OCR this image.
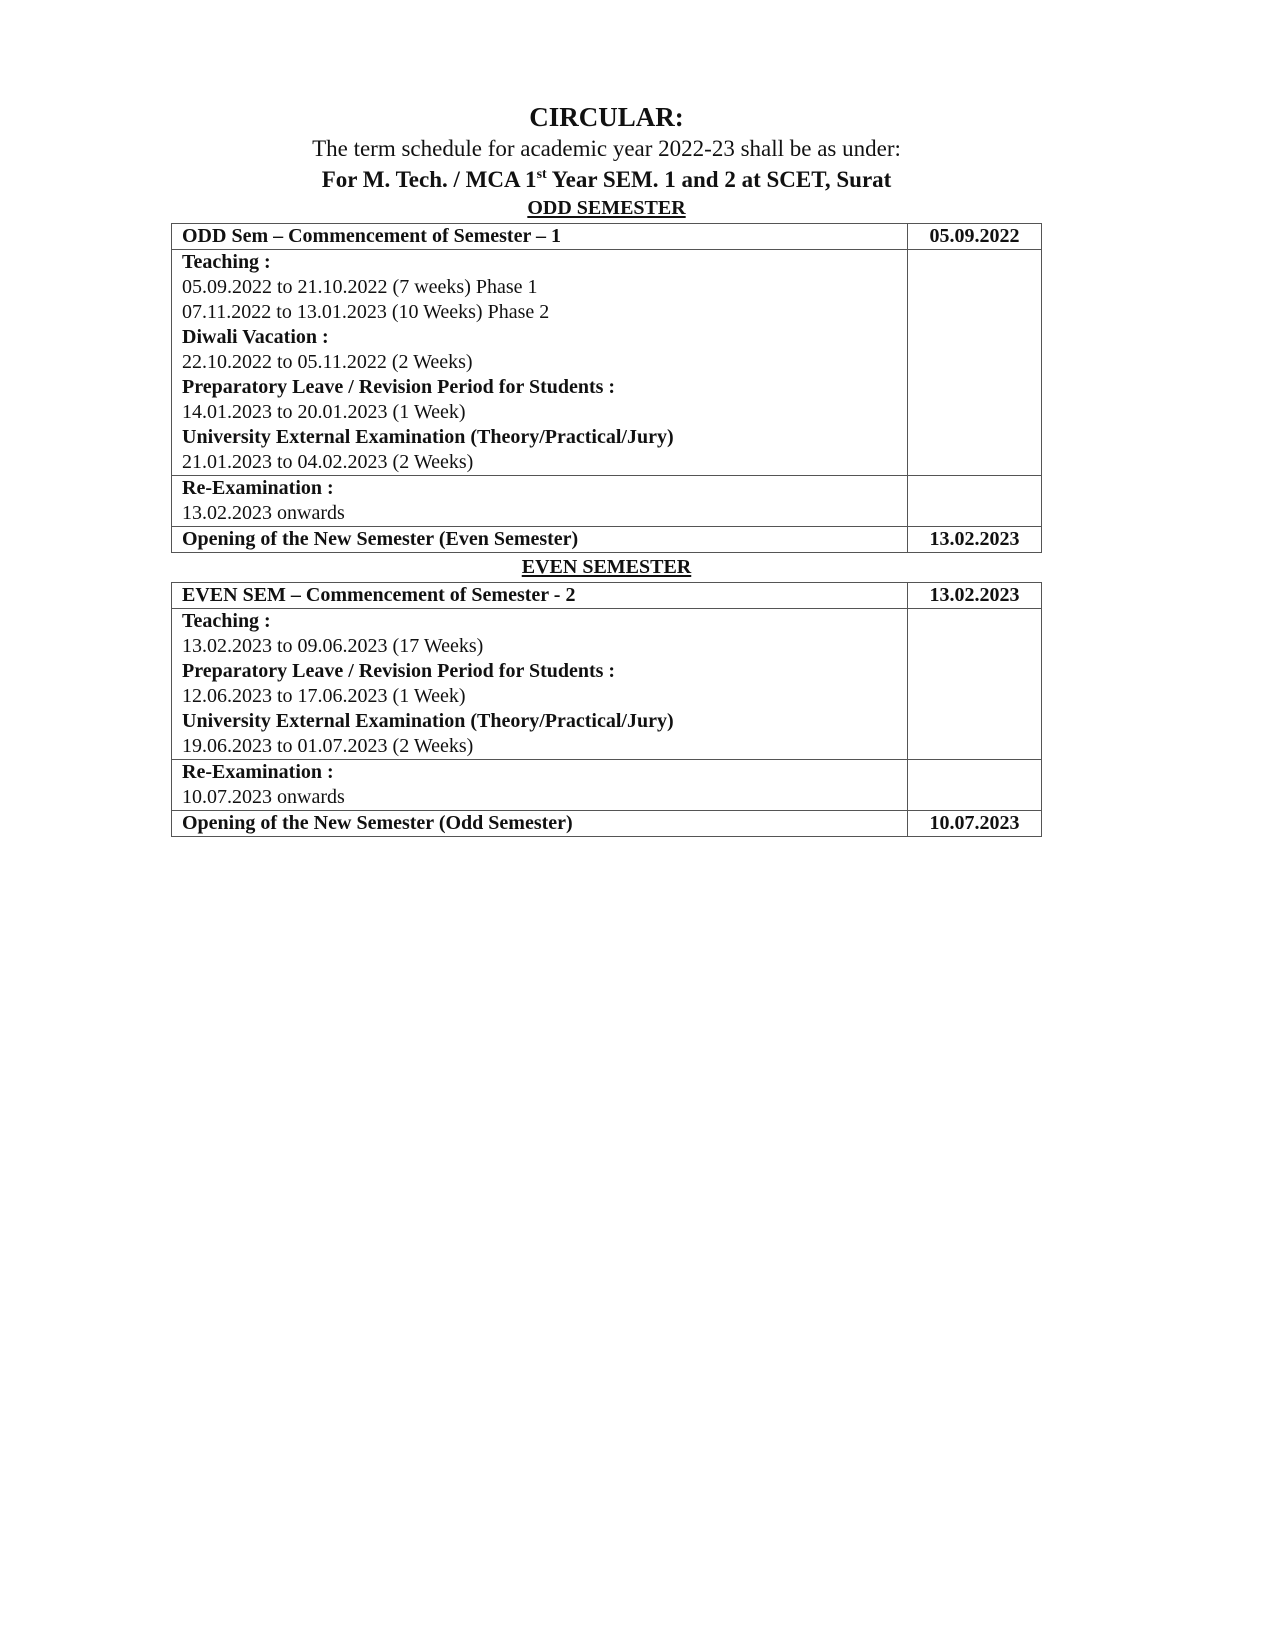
CIRCULAR:
The term schedule for academic year 2022-23 shall be as under:
For M. Tech. / MCA 1st Year SEM. 1 and 2 at SCET, Surat
ODD SEMESTER
ODD Sem – Commencement of Semester – 1	05.09.2022

Teaching :
05.09.2022 to 21.10.2022 (7 weeks) Phase 1
07.11.2022 to 13.01.2023 (10 Weeks) Phase 2
Diwali Vacation :
22.10.2022 to 05.11.2022 (2 Weeks)
Preparatory Leave / Revision Period for Students :
14.01.2023 to 20.01.2023 (1 Week)
University External Examination (Theory/Practical/Jury)
21.01.2023 to 04.02.2023 (2 Weeks)

Re-Examination :
13.02.2023 onwards	

Opening of the New Semester (Even Semester)	13.02.2023
EVEN SEMESTER
EVEN SEM – Commencement of Semester - 2	13.02.2023

Teaching :
13.02.2023 to 09.06.2023 (17 Weeks)
Preparatory Leave / Revision Period for Students :
12.06.2023 to 17.06.2023 (1 Week)
University External Examination (Theory/Practical/Jury)
19.06.2023 to 01.07.2023 (2 Weeks)

Re-Examination :
10.07.2023 onwards	

Opening of the New Semester (Odd Semester)	10.07.2023
